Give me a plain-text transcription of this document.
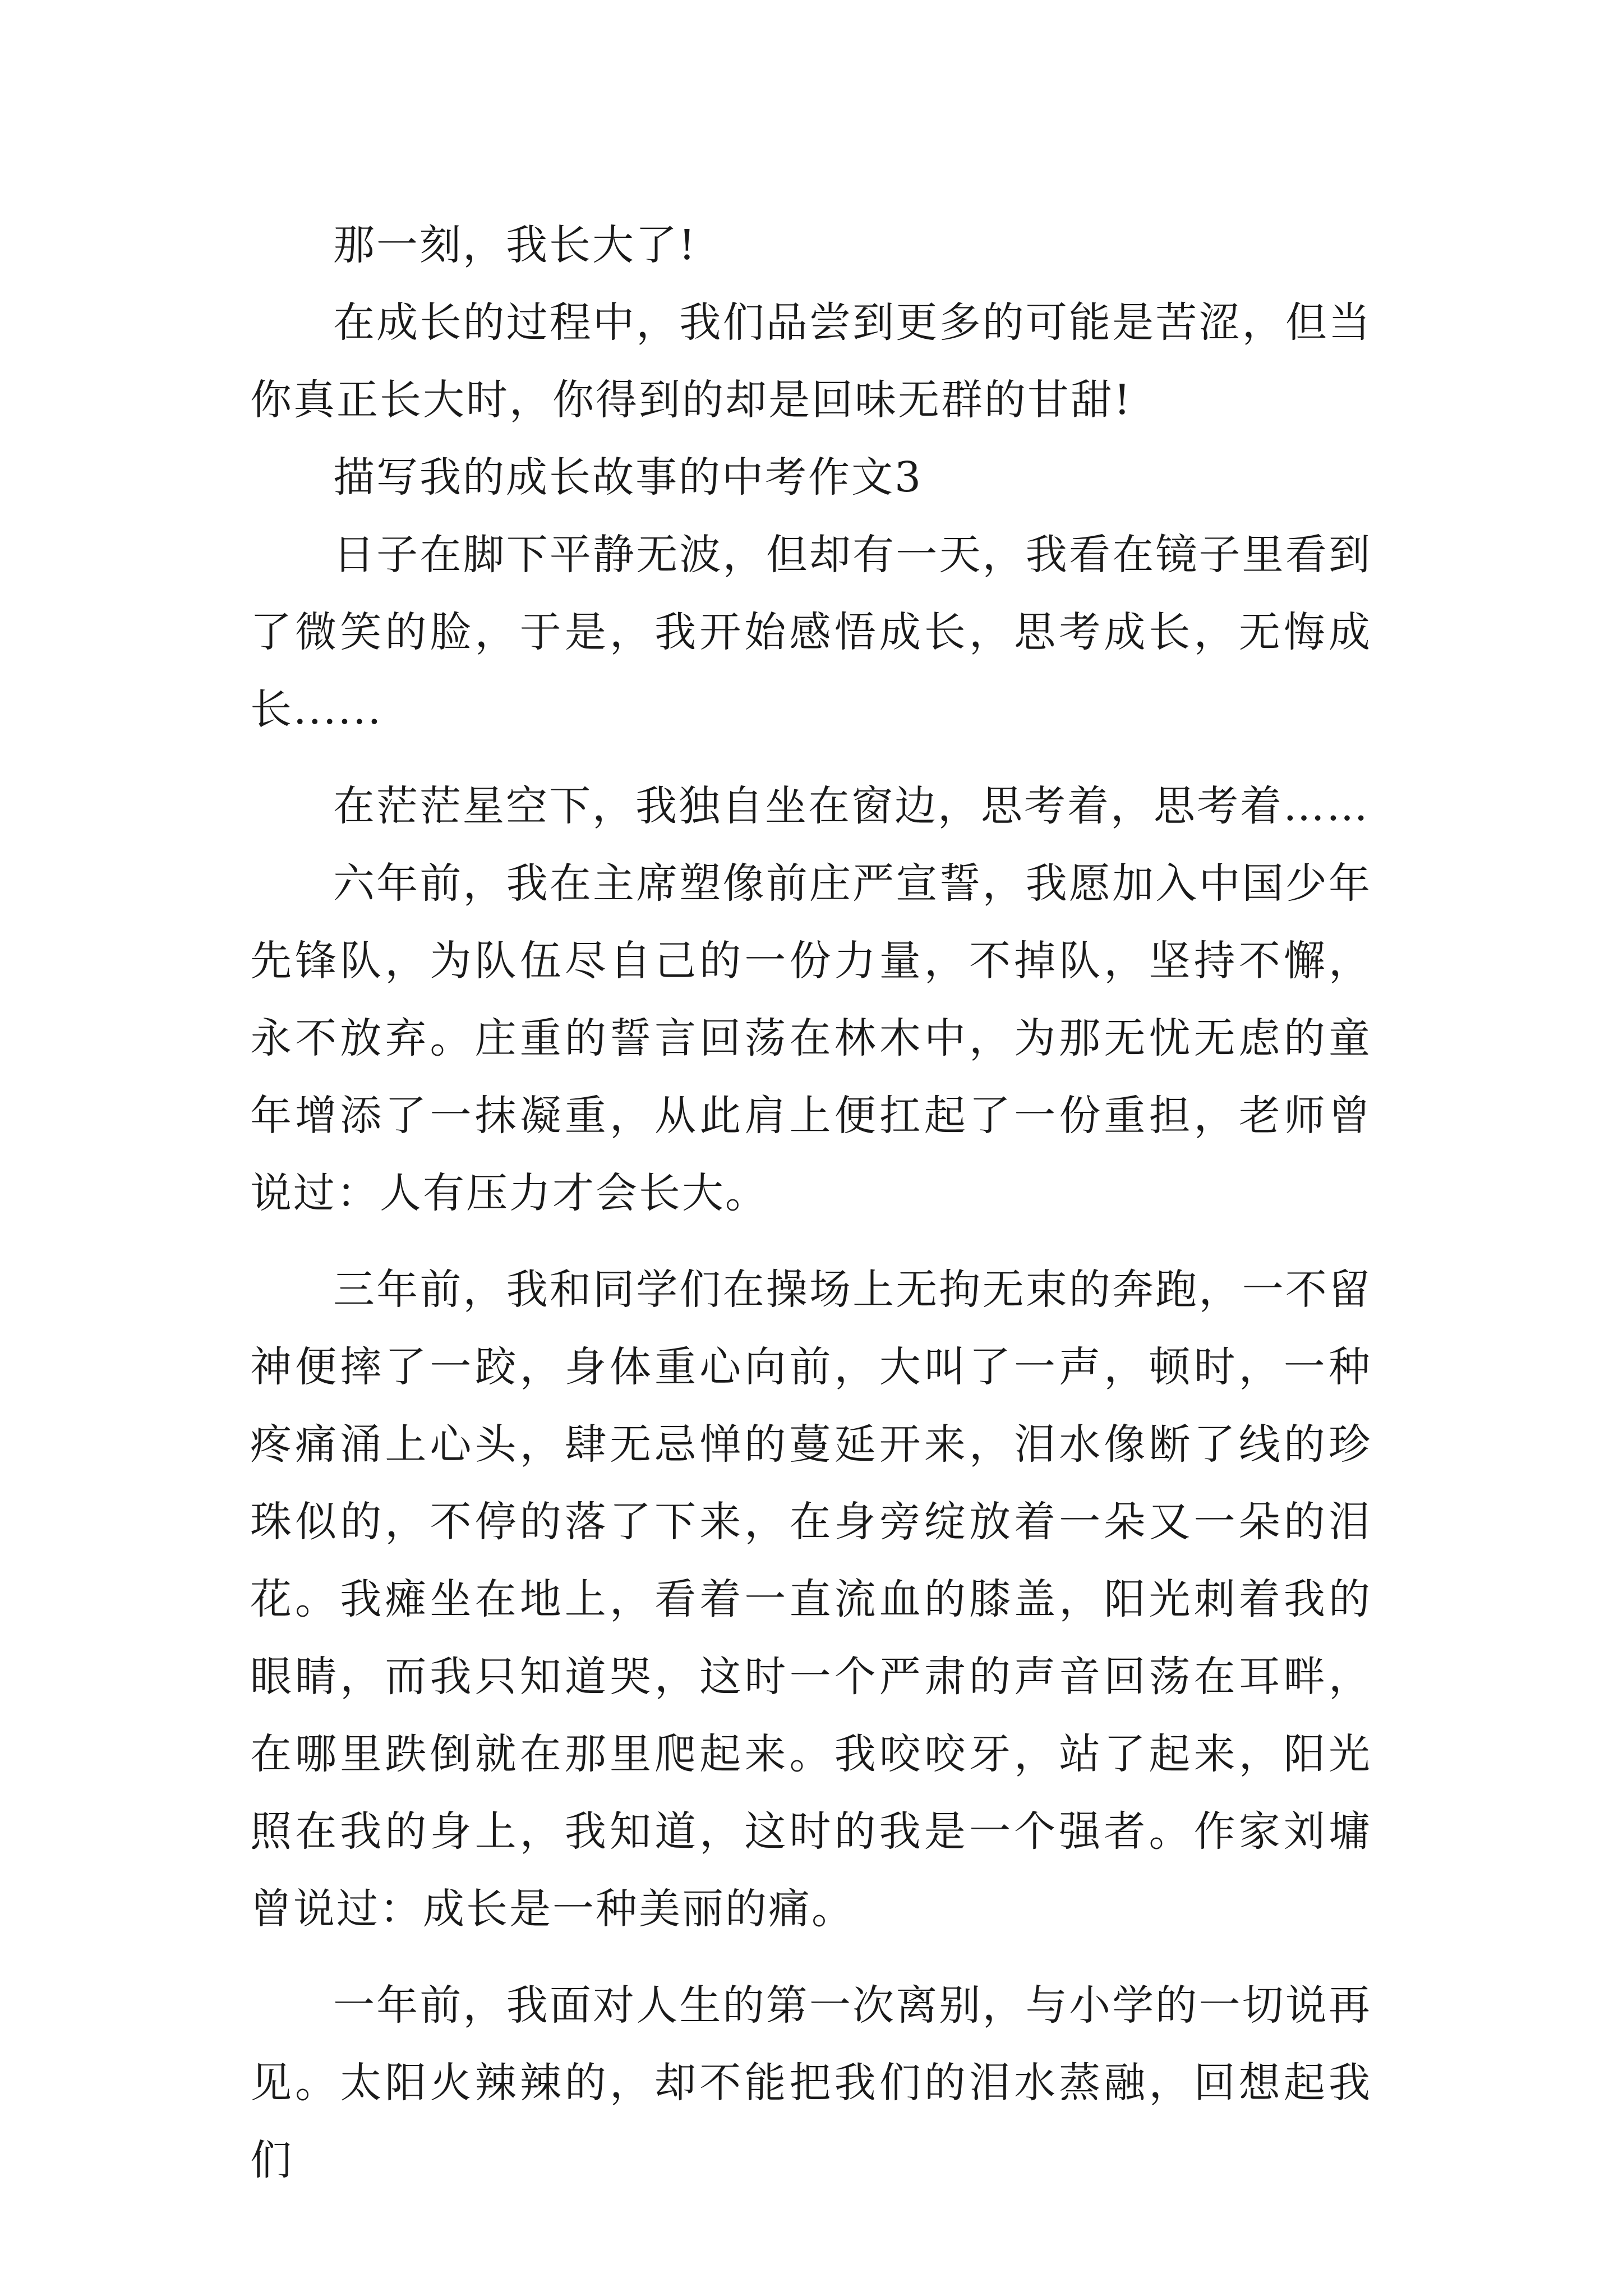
那一刻，我长大了!

在成长的过程中，我们品尝到更多的可能是苦涩，但当你真正长大时，你得到的却是回味无群的甘甜!

描写我的成长故事的中考作文3

日子在脚下平静无波，但却有一天，我看在镜子里看到了微笑的脸，于是，我开始感悟成长，思考成长，无悔成长......

在茫茫星空下，我独自坐在窗边，思考着，思考着……

六年前，我在主席塑像前庄严宣誓，我愿加入中国少年先锋队，为队伍尽自己的一份力量，不掉队，坚持不懈，永不放弃。庄重的誓言回荡在林木中，为那无忧无虑的童年增添了一抹凝重，从此肩上便扛起了一份重担，老师曾说过：人有压力才会长大。

三年前，我和同学们在操场上无拘无束的奔跑，一不留神便摔了一跤，身体重心向前，大叫了一声，顿时，一种疼痛涌上心头，肆无忌惮的蔓延开来，泪水像断了线的珍珠似的，不停的落了下来，在身旁绽放着一朵又一朵的泪花。我瘫坐在地上，看着一直流血的膝盖，阳光刺着我的眼睛，而我只知道哭，这时一个严肃的声音回荡在耳畔，在哪里跌倒就在那里爬起来。我咬咬牙，站了起来，阳光照在我的身上，我知道，这时的我是一个强者。作家刘墉曾说过：成长是一种美丽的痛。

一年前，我面对人生的第一次离别，与小学的一切说再见。太阳火辣辣的，却不能把我们的泪水蒸融，回想起我们
